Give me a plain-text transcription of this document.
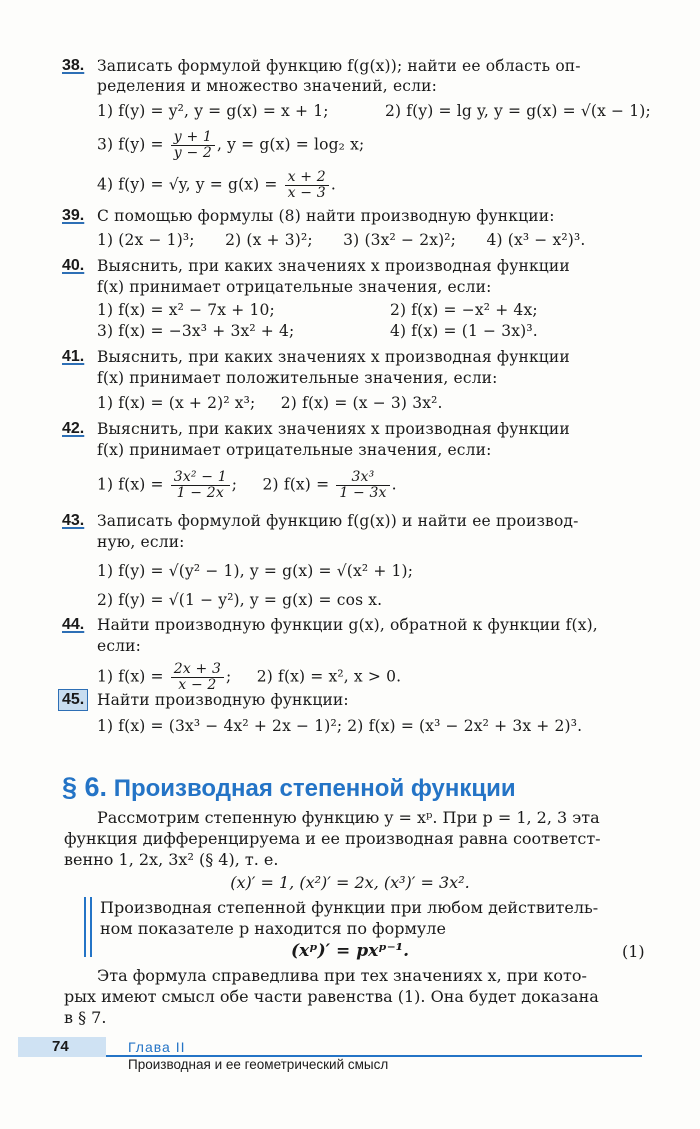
38. Записать формулой функцию f(g(x)); найти ее область оп-
ределения и множество значений, если:
1) f(y) = y², y = g(x) = x + 1;	2) f(y) = lg y, y = g(x) = √(x − 1);
3) $f(y) = \frac{y + 1}{y - 2}$ , y = g(x) = log₂ x;
4) f(y) = √y, $y = g(x) = \frac{x + 2}{x - 3}$ .
39. С помощью формулы (8) найти производную функции:
1) (2x − 1)³;      2) (x + 3)²;      3) (3x² − 2x)²;      4) (x³ − x²)³.
40. Выяснить, при каких значениях x производная функции
f(x) принимает отрицательные значения, если:
1) f(x) = x² − 7x + 10;	2) f(x) = −x² + 4x;
3) f(x) = −3x³ + 3x² + 4;	4) f(x) = (1 − 3x)³.
41. Выяснить, при каких значениях x производная функции
f(x) принимает положительные значения, если:
1) f(x) = (x + 2)² x³;     2) f(x) = (x − 3) 3x².
42. Выяснить, при каких значениях x производная функции
f(x) принимает отрицательные значения, если:
1) $f(x) = \frac{\text{3x² − 1}}{1 - 2x}$ ; 2) $f(x) = \frac{\text{3x³}}{1 - 3x}$ .
43. Записать формулой функцию f(g(x)) и найти ее производ-
ную, если:
1) f(y) = √(y² − 1), y = g(x) = √(x² + 1);
2) f(y) = √(1 − y²), y = g(x) = cos x.
44. Найти производную функции g(x), обратной к функции f(x),
если:
1) $f(x) = \frac{2x + 3}{x - 2}$ ;     2) f(x) = x², x > 0.
45. Найти производную функции:
1) f(x) = (3x³ − 4x² + 2x − 1)²; 2) f(x) = (x³ − 2x² + 3x + 2)³.
§ 6. Производная степенной функции
Рассмотрим степенную функцию y = xᵖ. При p = 1, 2, 3 эта
функция дифференцируема и ее производная равна соответст-
венно 1, 2x, 3x² (§ 4), т. е.
(x)′ = 1, (x²)′ = 2x, (x³)′ = 3x².
Производная степенной функции при любом действитель-
ном показателе p находится по формуле
(xᵖ)′ = pxᵖ⁻¹.	(1)
Эта формула справедлива при тех значениях x, при кото-
рых имеют смысл обе части равенства (1). Она будет доказана
в § 7.
74	Глава II
Производная и ее геометрический смысл
